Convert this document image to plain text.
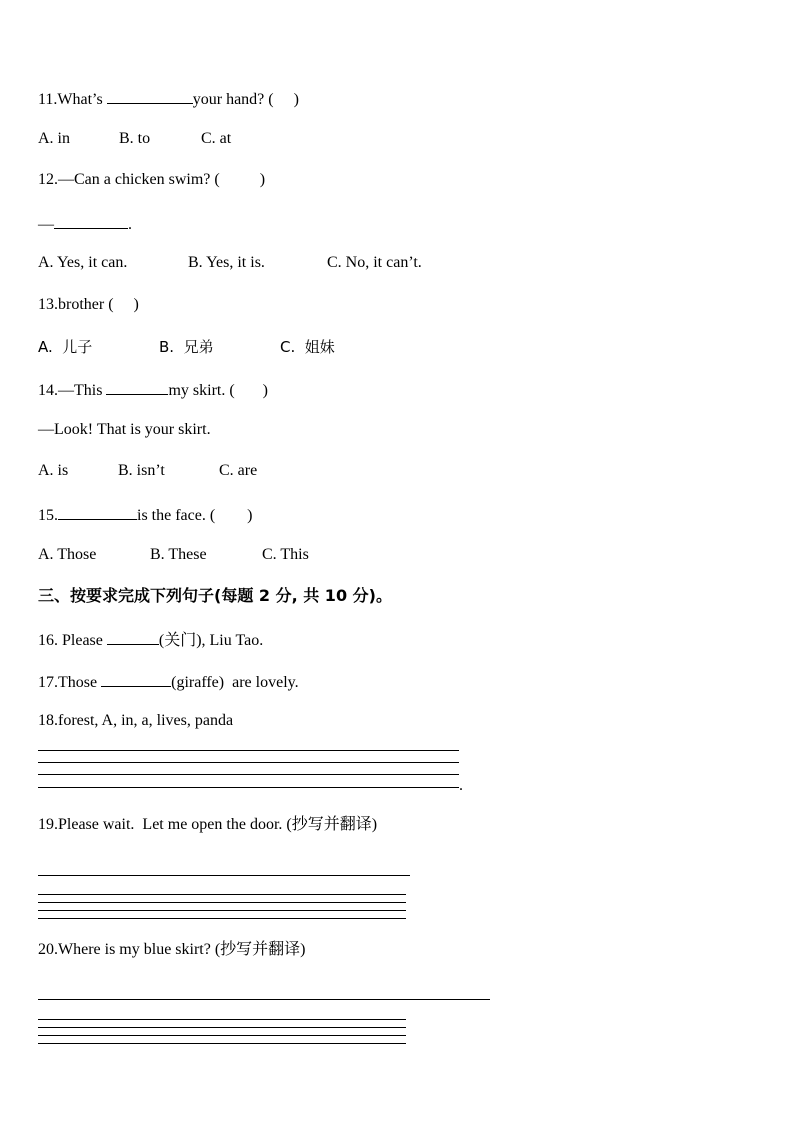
11.What’s	your hand? (     )
A. in	B. to	C. at
12.—Can a chicken swim? (          )
—	.
A. Yes, it can.	B. Yes, it is.	C. No, it can’t.
13.brother (     )
A.  儿子	B.  兄弟	C.  姐妹
14.—This	my skirt. (       )
—Look! That is your skirt.
A. is	B. isn’t	C. are
15.	is the face. (        )
A. Those	B. These	C. This
三、按要求完成下列句子(每题 2 分, 共 10 分)。
16. Please	(关门), Liu Tao.
17.Those	(giraffe)  are lovely.
18.forest, A, in, a, lives, panda
.
19.Please wait.  Let me open the door. (抄写并翻译)
20.Where is my blue skirt? (抄写并翻译)
